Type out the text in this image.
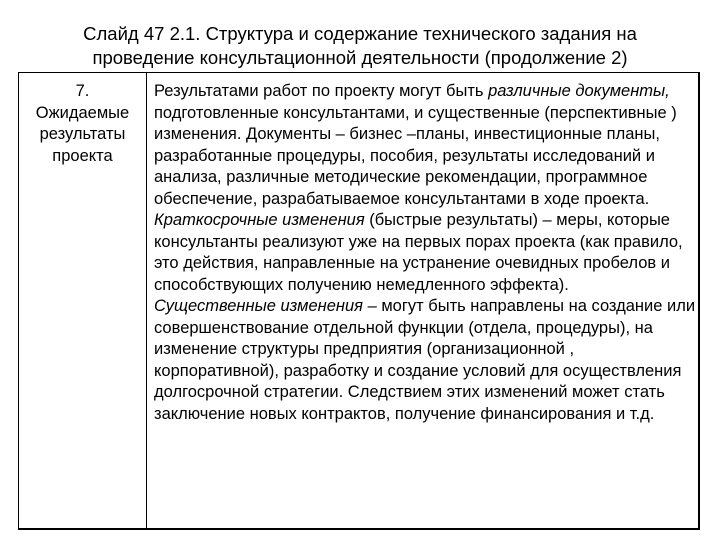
Слайд 47 2.1. Структура и содержание технического задания на
проведение консультационной деятельности (продолжение 2)
7.
Ожидаемые
результаты
проекта

Результатами работ по проекту могут быть различные документы, подготовленные консультантами, и существенные (перспективные ) изменения. Документы – бизнес –планы, инвестиционные планы, разработанные процедуры, пособия, результаты исследований и анализа, различные методические рекомендации, программное обеспечение, разрабатываемое консультантами в ходе проекта.

Краткосрочные изменения (быстрые результаты) – меры, которые консультанты реализуют уже на первых порах проекта (как правило, это действия, направленные на устранение очевидных пробелов и способствующих получению немедленного эффекта).

Существенные изменения – могут быть направлены на создание или совершенствование отдельной функции (отдела, процедуры), на изменение структуры предприятия (организационной , корпоративной), разработку и создание условий для осуществления долгосрочной стратегии. Следствием этих изменений может стать заключение новых контрактов, получение финансирования и т.д.
